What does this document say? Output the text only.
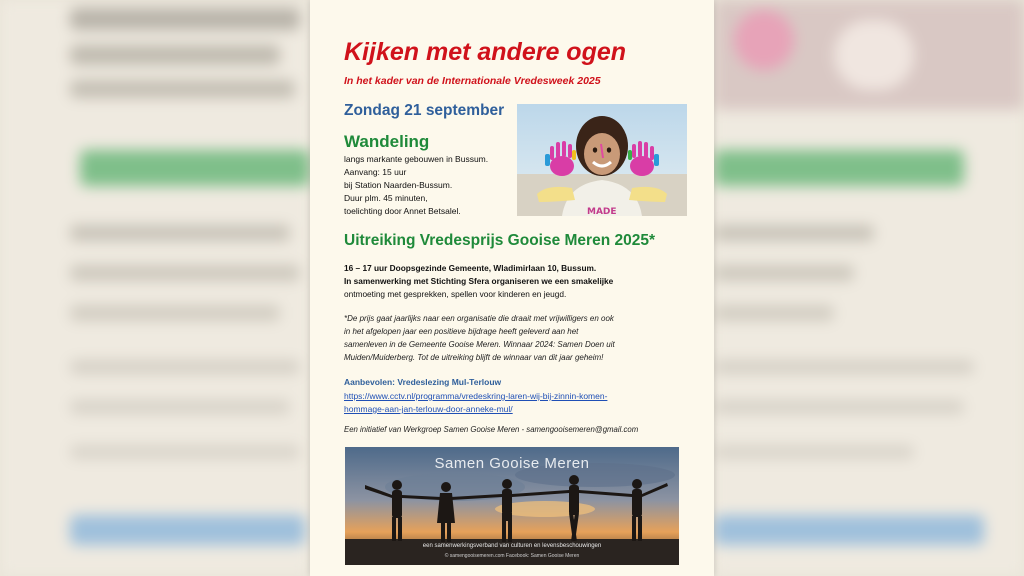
Kijken met andere ogen
In het kader van de Internationale Vredesweek 2025
Zondag 21 september
Wandeling
langs markante gebouwen in Bussum.
Aanvang: 15 uur
bij Station Naarden-Bussum.
Duur plm. 45 minuten,
toelichting door Annet Betsalel.	MADE
Uitreiking Vredesprijs Gooise Meren 2025*
16 – 17 uur Doopsgezinde Gemeente, Wladimirlaan 10, Bussum.
In samenwerking met Stichting Sfera organiseren we een smakelijke
ontmoeting met gesprekken, spellen voor kinderen en jeugd.
*De prijs gaat jaarlijks naar een organisatie die draait met vrijwilligers en ook
in het afgelopen jaar een positieve bijdrage heeft geleverd aan het
samenleven in de Gemeente Gooise Meren. Winnaar 2024: Samen Doen uit
Muiden/Muiderberg. Tot de uitreiking blijft de winnaar van dit jaar geheim!
Aanbevolen: Vredeslezing Mul-Terlouw
https://www.cctv.nl/programma/vredeskring-laren-wij-bij-zinnin-komen-
hommage-aan-jan-terlouw-door-anneke-mul/
Een initiatief van Werkgroep Samen Gooise Meren - samengooisemeren@gmail.com
Samen Gooise Meren
een samenwerkingsverband van culturen en levensbeschouwingen
© samengooisemeren.com Facebook: Samen Gooise Meren
